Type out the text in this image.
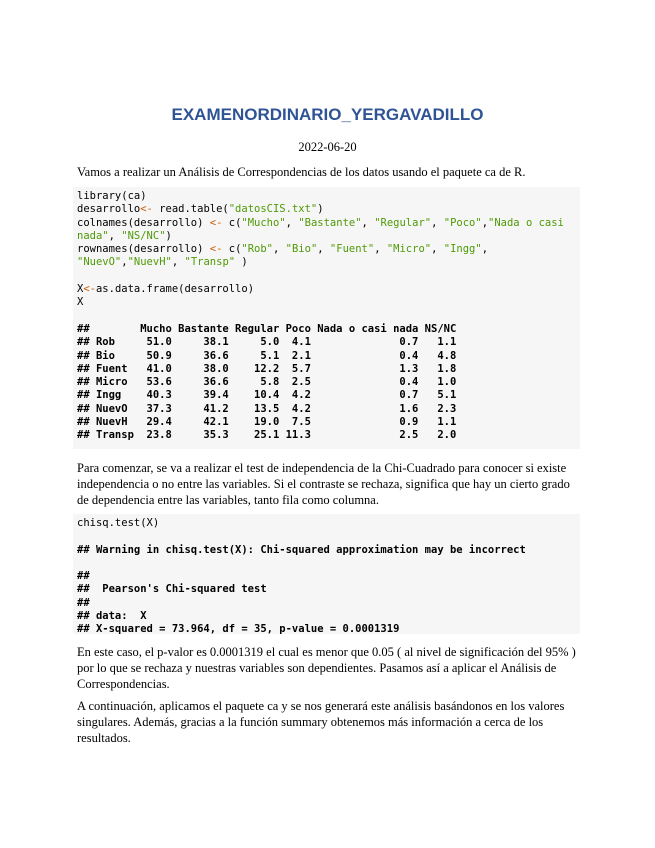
EXAMENORDINARIO_YERGAVADILLO
2022-06-20

Vamos a realizar un Análisis de Correspondencias de los datos usando el paquete ca de R.

library(ca)
desarrollo<- read.table("datosCIS.txt")
colnames(desarrollo) <- c("Mucho", "Bastante", "Regular", "Poco","Nada o casi
nada", "NS/NC")
rownames(desarrollo) <- c("Rob", "Bio", "Fuent", "Micro", "Ingg",
"NuevO","NuevH", "Transp" )
X<-as.data.frame(desarrollo)
X
##        Mucho Bastante Regular Poco Nada o casi nada NS/NC
## Rob     51.0     38.1     5.0  4.1              0.7   1.1
## Bio     50.9     36.6     5.1  2.1              0.4   4.8
## Fuent   41.0     38.0    12.2  5.7              1.3   1.8
## Micro   53.6     36.6     5.8  2.5              0.4   1.0
## Ingg    40.3     39.4    10.4  4.2              0.7   5.1
## NuevO   37.3     41.2    13.5  4.2              1.6   2.3
## NuevH   29.4     42.1    19.0  7.5              0.9   1.1
## Transp  23.8     35.3    25.1 11.3              2.5   2.0

Para comenzar, se va a realizar el test de independencia de la Chi-Cuadrado para conocer si existe independencia o no entre las variables. Si el contraste se rechaza, significa que hay un cierto grado de dependencia entre las variables, tanto fila como columna.

chisq.test(X)
## Warning in chisq.test(X): Chi-squared approximation may be incorrect
##
##  Pearson's Chi-squared test
##
## data:  X
## X-squared = 73.964, df = 35, p-value = 0.0001319

En este caso, el p-valor es 0.0001319 el cual es menor que 0.05 ( al nivel de significación del 95% ) por lo que se rechaza y nuestras variables son dependientes. Pasamos así a aplicar el Análisis de Correspondencias.

A continuación, aplicamos el paquete ca y se nos generará este análisis basándonos en los valores singulares. Además, gracias a la función summary obtenemos más información a cerca de los resultados.
